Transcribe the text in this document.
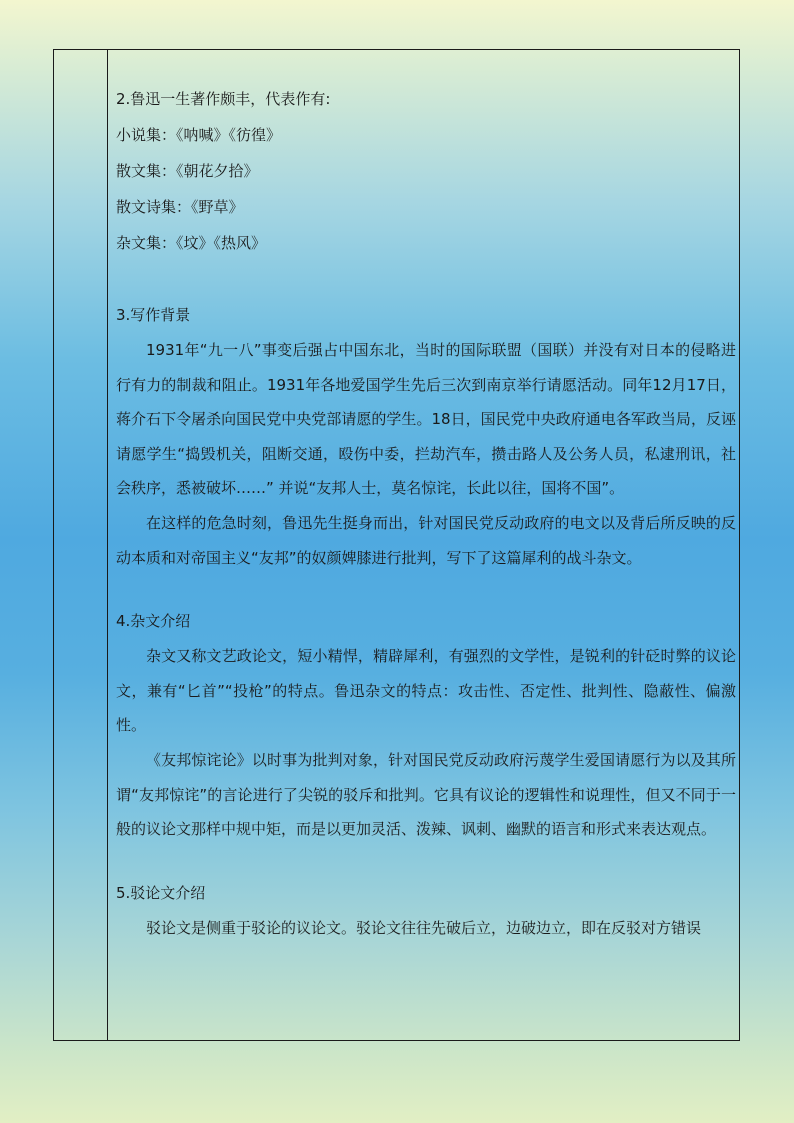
2.鲁迅一生著作颇丰，代表作有:
小说集：《呐喊》《彷徨》
散文集：《朝花夕拾》
散文诗集：《野草》
杂文集：《坟》《热风》
3.写作背景

1931年“九一八”事变后强占中国东北，当时的国际联盟（国联）并没有对日本的侵略进行有力的制裁和阻止。1931年各地爱国学生先后三次到南京举行请愿活动。同年12月17日，蒋介石下令屠杀向国民党中央党部请愿的学生。18日，国民党中央政府通电各军政当局，反诬请愿学生“捣毁机关，阻断交通，殴伤中委，拦劫汽车，攒击路人及公务人员，私逮刑讯，社会秩序，悉被破坏……” 并说“友邦人士，莫名惊诧，长此以往，国将不国”。

在这样的危急时刻，鲁迅先生挺身而出，针对国民党反动政府的电文以及背后所反映的反动本质和对帝国主义“友邦”的奴颜婢膝进行批判，写下了这篇犀利的战斗杂文。

4.杂文介绍

杂文又称文艺政论文，短小精悍，精辟犀利，有强烈的文学性，是锐利的针砭时弊的议论文，兼有“匕首”“投枪”的特点。鲁迅杂文的特点：攻击性、否定性、批判性、隐蔽性、偏激性。

《友邦惊诧论》以时事为批判对象，针对国民党反动政府污蔑学生爱国请愿行为以及其所谓“友邦惊诧”的言论进行了尖锐的驳斥和批判。它具有议论的逻辑性和说理性，但又不同于一般的议论文那样中规中矩，而是以更加灵活、泼辣、讽刺、幽默的语言和形式来表达观点。

5.驳论文介绍

驳论文是侧重于驳论的议论文。驳论文往往先破后立，边破边立，即在反驳对方错误
